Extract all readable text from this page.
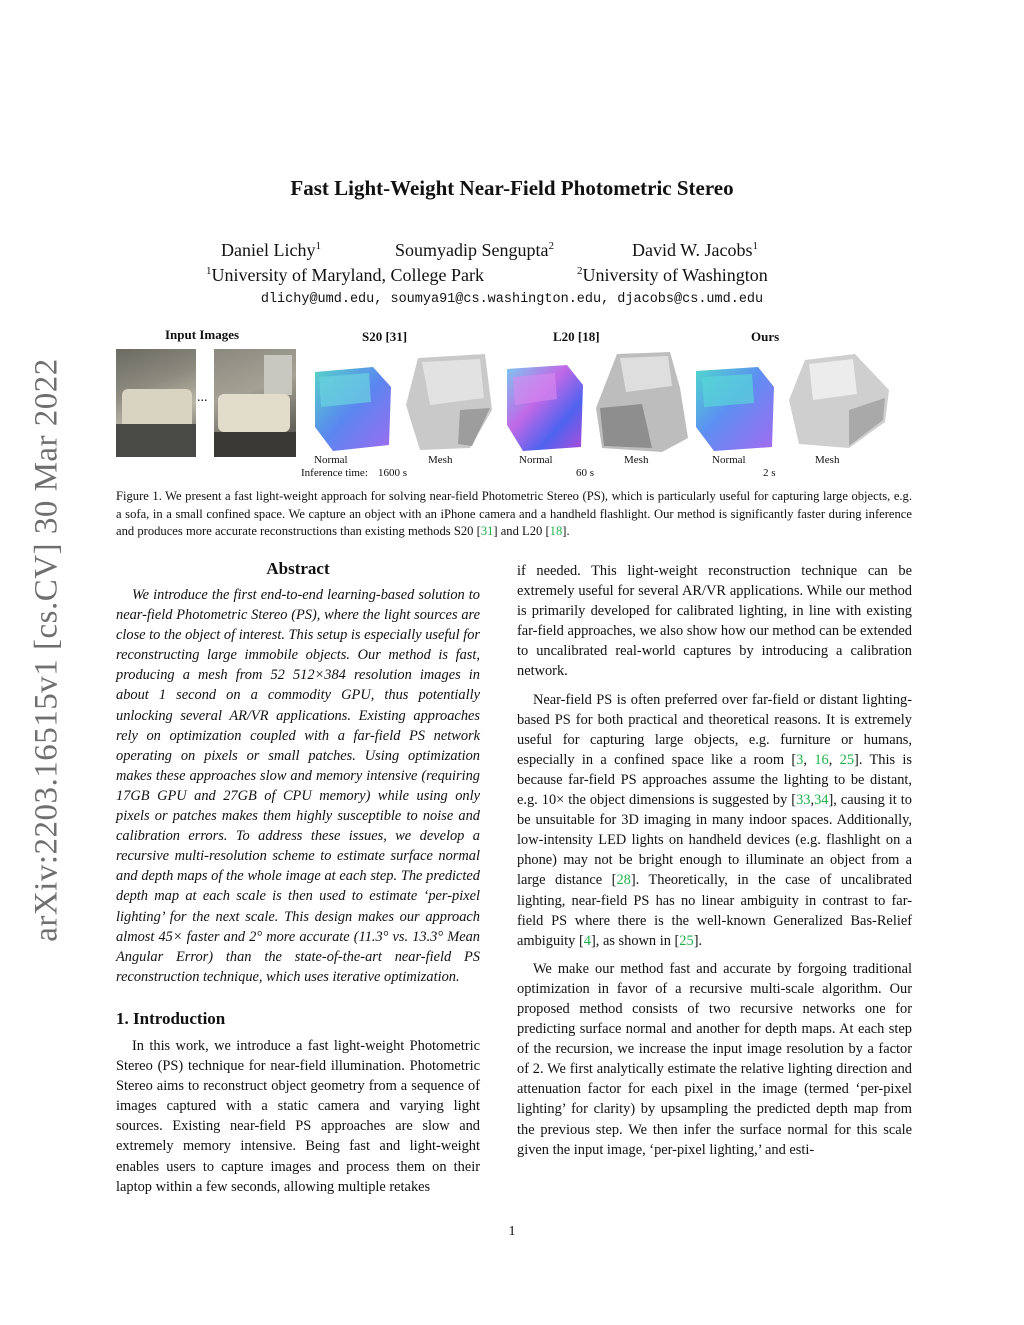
arXiv:2203.16515v1 [cs.CV] 30 Mar 2022
Fast Light-Weight Near-Field Photometric Stereo
Daniel Lichy$^1$	Soumyadip Sengupta$^2$	David W. Jacobs$^1$
$^1$University of Maryland, College Park	$^2$University of Washington
dlichy@umd.edu, soumya91@cs.washington.edu, djacobs@cs.umd.edu
Input Images	S20 [31]	L20 [18]	Ours
...
Normal	Mesh	Normal	Mesh	Normal	Mesh
Inference time: 1600 s	60 s	2 s
Figure 1. We present a fast light-weight approach for solving near-field Photometric Stereo (PS), which is particularly useful for capturing large objects, e.g. a sofa, in a small confined space. We capture an object with an iPhone camera and a handheld flashlight. Our method is significantly faster during inference and produces more accurate reconstructions than existing methods S20 [31] and L20 [18].
Abstract

We introduce the first end-to-end learning-based solution to near-field Photometric Stereo (PS), where the light sources are close to the object of interest. This setup is especially useful for reconstructing large immobile objects. Our method is fast, producing a mesh from 52 512×384 resolution images in about 1 second on a commodity GPU, thus potentially unlocking several AR/VR applications. Existing approaches rely on optimization coupled with a far-field PS network operating on pixels or small patches. Using optimization makes these approaches slow and memory intensive (requiring 17GB GPU and 27GB of CPU memory) while using only pixels or patches makes them highly susceptible to noise and calibration errors. To address these issues, we develop a recursive multi-resolution scheme to estimate surface normal and depth maps of the whole image at each step. The predicted depth map at each scale is then used to estimate ‘per-pixel lighting’ for the next scale. This design makes our approach almost 45× faster and 2° more accurate (11.3° vs. 13.3° Mean Angular Error) than the state-of-the-art near-field PS reconstruction technique, which uses iterative optimization.

1. Introduction

In this work, we introduce a fast light-weight Photometric Stereo (PS) technique for near-field illumination. Photometric Stereo aims to reconstruct object geometry from a sequence of images captured with a static camera and varying light sources. Existing near-field PS approaches are slow and extremely memory intensive. Being fast and light-weight enables users to capture images and process them on their laptop within a few seconds, allowing multiple retakes

if needed. This light-weight reconstruction technique can be extremely useful for several AR/VR applications. While our method is primarily developed for calibrated lighting, in line with existing far-field approaches, we also show how our method can be extended to uncalibrated real-world captures by introducing a calibration network.

Near-field PS is often preferred over far-field or distant lighting-based PS for both practical and theoretical reasons. It is extremely useful for capturing large objects, e.g. furniture or humans, especially in a confined space like a room [3, 16, 25]. This is because far-field PS approaches assume the lighting to be distant, e.g. 10× the object dimensions is suggested by [33,34], causing it to be unsuitable for 3D imaging in many indoor spaces. Additionally, low-intensity LED lights on handheld devices (e.g. flashlight on a phone) may not be bright enough to illuminate an object from a large distance [28]. Theoretically, in the case of uncalibrated lighting, near-field PS has no linear ambiguity in contrast to far-field PS where there is the well-known Generalized Bas-Relief ambiguity [4], as shown in [25].

We make our method fast and accurate by forgoing traditional optimization in favor of a recursive multi-scale algorithm. Our proposed method consists of two recursive networks one for predicting surface normal and another for depth maps. At each step of the recursion, we increase the input image resolution by a factor of 2. We first analytically estimate the relative lighting direction and attenuation factor for each pixel in the image (termed ‘per-pixel lighting’ for clarity) by upsampling the predicted depth map from the previous step. We then infer the surface normal for this scale given the input image, ‘per-pixel lighting,’ and esti-

1
